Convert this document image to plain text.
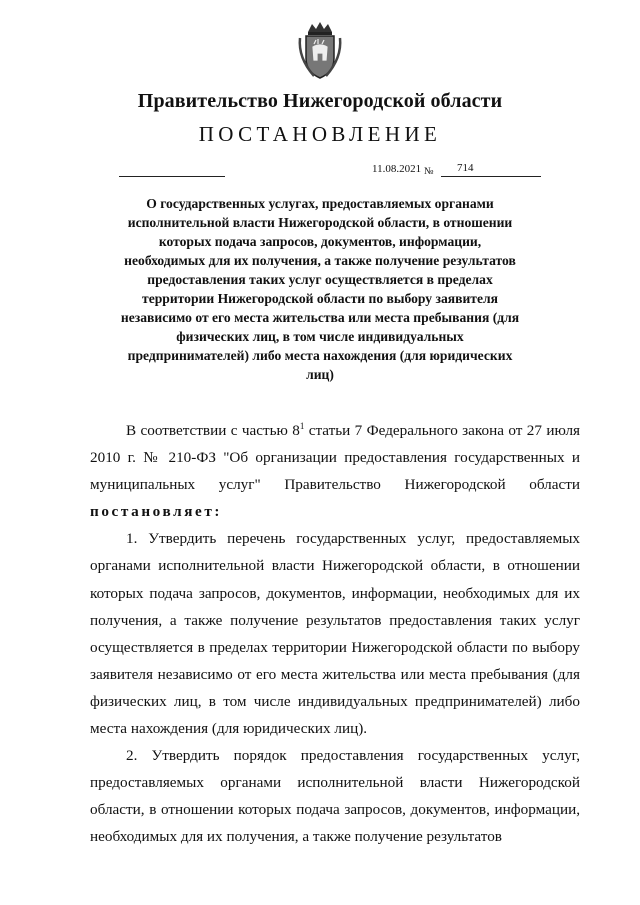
Правительство Нижегородской области
ПОСТАНОВЛЕНИЕ
11.08.2021 № 714
О государственных услугах, предоставляемых органами исполнительной власти Нижегородской области, в отношении которых подача запросов, документов, информации, необходимых для их получения, а также получение результатов предоставления таких услуг осуществляется в пределах территории Нижегородской области по выбору заявителя независимо от его места жительства или места пребывания (для физических лиц, в том числе индивидуальных предпринимателей) либо места нахождения (для юридических лиц)

В соответствии с частью $8^1$ статьи 7 Федерального закона от 27 июля 2010 г. № 210-ФЗ "Об организации предоставления государственных и муниципальных услуг" Правительство Нижегородской области постановляет:

1. Утвердить перечень государственных услуг, предоставляемых органами исполнительной власти Нижегородской области, в отношении которых подача запросов, документов, информации, необходимых для их получения, а также получение результатов предоставления таких услуг осуществляется в пределах территории Нижегородской области по выбору заявителя независимо от его места жительства или места пребывания (для физических лиц, в том числе индивидуальных предпринимателей) либо места нахождения (для юридических лиц).

2. Утвердить порядок предоставления государственных услуг, предоставляемых органами исполнительной власти Нижегородской области, в отношении которых подача запросов, документов, информации, необходимых для их получения, а также получение результатов
